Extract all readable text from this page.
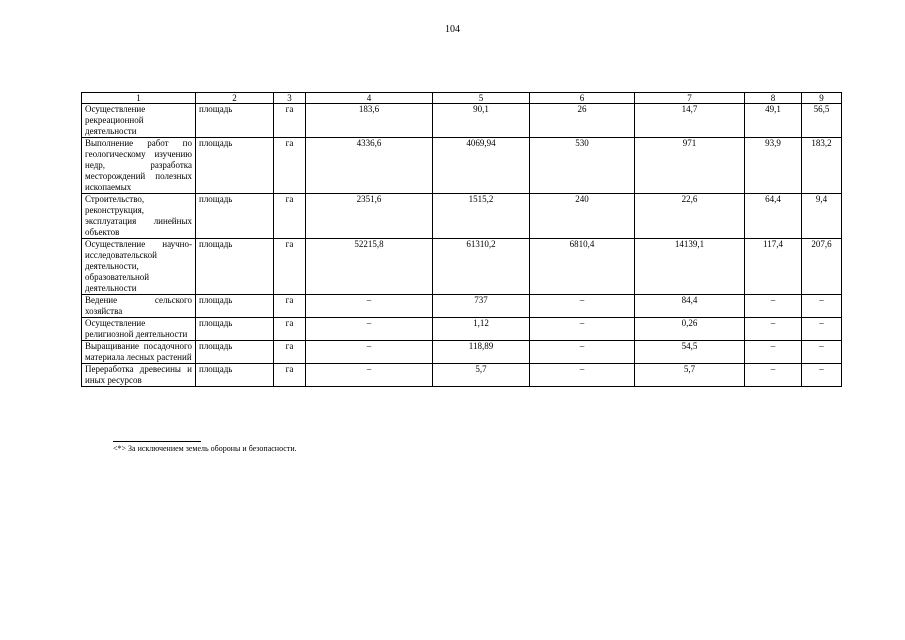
104
1	2	3	4	5	6	7	8	9
Осуществление рекреационной деятельности	площадь	га	183,6	90,1	26	14,7	49,1	56,5
Выполнение работ по геологическому изучению недр, разработка месторождений полезных ископаемых	площадь	га	4336,6	4069,94	530	971	93,9	183,2
Строительство, реконструкция, эксплуатация линейных объектов	площадь	га	2351,6	1515,2	240	22,6	64,4	9,4
Осуществление научно-исследовательской деятельности, образовательной деятельности	площадь	га	52215,8	61310,2	6810,4	14139,1	117,4	207,6
Ведение сельского хозяйства	площадь	га	–	737	–	84,4	–	–
Осуществление религиозной деятельности	площадь	га	–	1,12	–	0,26	–	–
Выращивание посадочного материала лесных растений	площадь	га	–	118,89	–	54,5	–	–
Переработка древесины и иных ресурсов	площадь	га	–	5,7	–	5,7	–	–
<*> За исключением земель обороны и безопасности.
